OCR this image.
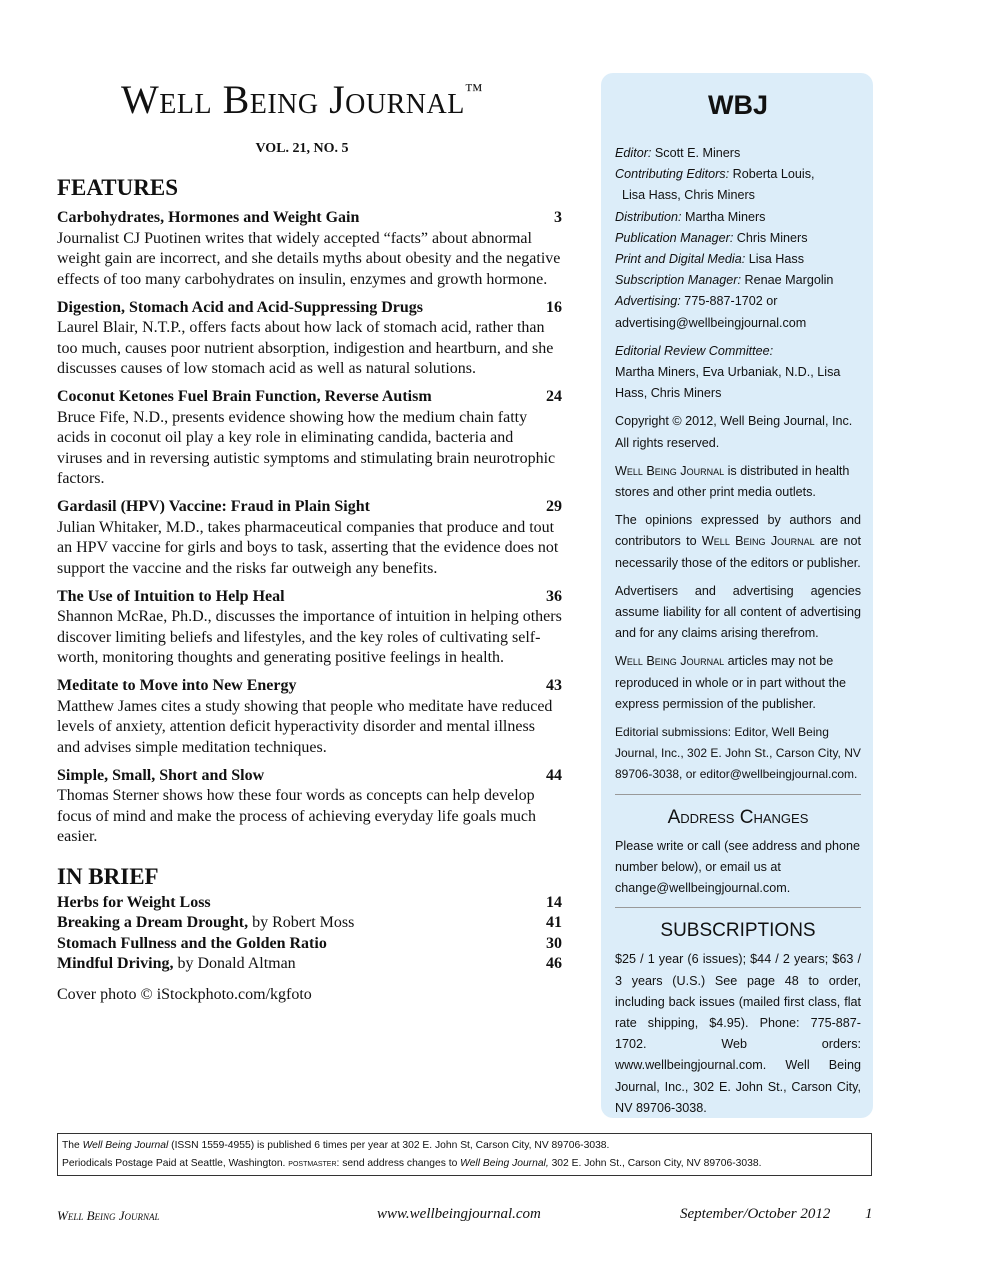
Well Being Journal™
VOL. 21, NO. 5
FEATURES
Carbohydrates, Hormones and Weight Gain	3
Journalist CJ Puotinen writes that widely accepted “facts” about abnormal weight gain are incorrect, and she details myths about obesity and the negative effects of too many carbohydrates on insulin, enzymes and growth hormone.
Digestion, Stomach Acid and Acid-Suppressing Drugs	16
Laurel Blair, N.T.P., offers facts about how lack of stomach acid, rather than too much, causes poor nutrient absorption, indigestion and heartburn, and she discusses causes of low stomach acid as well as natural solutions.
Coconut Ketones Fuel Brain Function, Reverse Autism	24
Bruce Fife, N.D., presents evidence showing how the medium chain fatty acids in coconut oil play a key role in eliminating candida, bacteria and viruses and in reversing autistic symptoms and stimulating brain neurotrophic factors.
Gardasil (HPV) Vaccine: Fraud in Plain Sight	29
Julian Whitaker, M.D., takes pharmaceutical companies that produce and tout an HPV vaccine for girls and boys to task, asserting that the evidence does not support the vaccine and the risks far outweigh any benefits.
The Use of Intuition to Help Heal	36
Shannon McRae, Ph.D., discusses the importance of intuition in helping others discover limiting beliefs and lifestyles, and the key roles of cultivating self-worth, monitoring thoughts and generating positive feelings in health.
Meditate to Move into New Energy	43
Matthew James cites a study showing that people who meditate have reduced levels of anxiety, attention deficit hyperactivity disorder and mental illness and advises simple meditation techniques.
Simple, Small, Short and Slow	44
Thomas Sterner shows how these four words as concepts can help develop focus of mind and make the process of achieving everyday life goals much easier.
IN BRIEF
Herbs for Weight Loss	14
Breaking a Dream Drought, by Robert Moss	41
Stomach Fullness and the Golden Ratio	30
Mindful Driving, by Donald Altman	46
Cover photo © iStockphoto.com/kgfoto
WBJ
Editor: Scott E. Miners
Contributing Editors: Roberta Louis,
Lisa Hass, Chris Miners
Distribution: Martha Miners
Publication Manager: Chris Miners
Print and Digital Media: Lisa Hass
Subscription Manager: Renae Margolin
Advertising: 775-887-1702 or
advertising@wellbeingjournal.com
Editorial Review Committee:
Martha Miners, Eva Urbaniak, N.D., Lisa Hass, Chris Miners
Copyright © 2012, Well Being Journal, Inc. All rights reserved.
Well Being Journal is distributed in health stores and other print media outlets.
The opinions expressed by authors and contributors to Well Being Journal are not necessarily those of the editors or publisher.
Advertisers and advertising agencies assume liability for all content of advertising and for any claims arising therefrom.
Well Being Journal articles may not be reproduced in whole or in part without the express permission of the publisher.
Editorial submissions: Editor, Well Being Journal, Inc., 302 E. John St., Carson City, NV 89706-3038, or editor@wellbeingjournal.com.
Address Changes
Please write or call (see address and phone number below), or email us at change@wellbeingjournal.com.
SUBSCRIPTIONS
$25 / 1 year (6 issues); $44 / 2 years; $63 / 3 years (U.S.) See page 48 to order, including back issues (mailed first class, flat rate shipping, $4.95). Phone: 775-887-1702. Web orders: www.wellbeingjournal.com. Well Being Journal, Inc., 302 E. John St., Carson City, NV 89706-3038.
The Well Being Journal (ISSN 1559-4955) is published 6 times per year at 302 E. John St, Carson City, NV 89706-3038.
Periodicals Postage Paid at Seattle, Washington. postmaster: send address changes to Well Being Journal, 302 E. John St., Carson City, NV 89706-3038.
Well Being Journal	www.wellbeingjournal.com	September/October 2012 1
